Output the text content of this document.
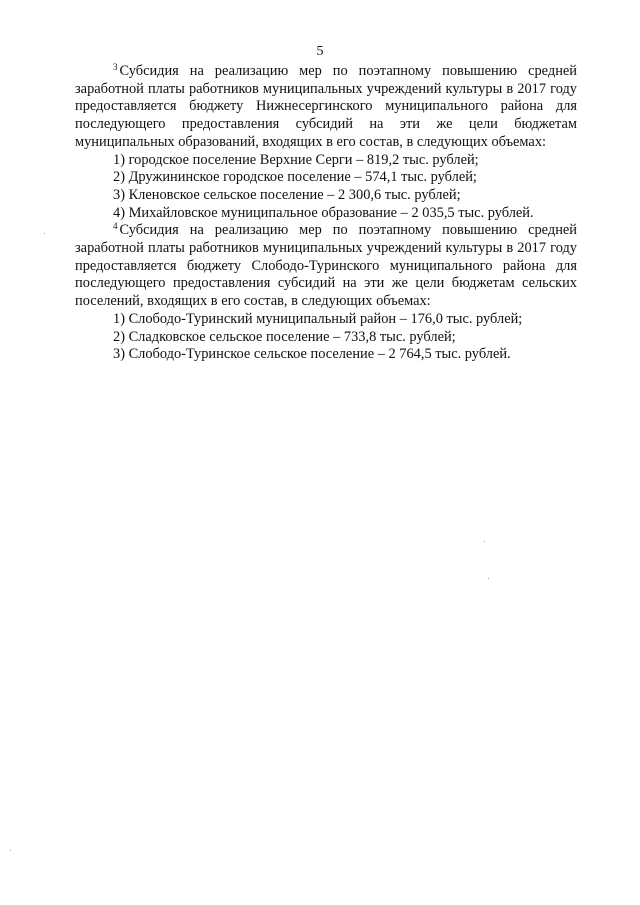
5

$^3$ Субсидия на реализацию мер по поэтапному повышению средней заработной платы работников муниципальных учреждений культуры в 2017 году предоставляется бюджету Нижнесергинского муниципального района для последующего предоставления субсидий на эти же цели бюджетам муниципальных образований, входящих в его состав, в следующих объемах:

1) городское поселение Верхние Серги – 819,2 тыс. рублей;

2) Дружининское городское поселение – 574,1 тыс. рублей;

3) Кленовское сельское поселение – 2 300,6 тыс. рублей;

4) Михайловское муниципальное образование – 2 035,5 тыс. рублей.

$^4$ Субсидия на реализацию мер по поэтапному повышению средней заработной платы работников муниципальных учреждений культуры в 2017 году предоставляется бюджету Слободо-Туринского муниципального района для последующего предоставления субсидий на эти же цели бюджетам сельских поселений, входящих в его состав, в следующих объемах:

1) Слободо-Туринский муниципальный район – 176,0 тыс. рублей;

2) Сладковское сельское поселение – 733,8 тыс. рублей;

3) Слободо-Туринское сельское поселение – 2 764,5 тыс. рублей.
